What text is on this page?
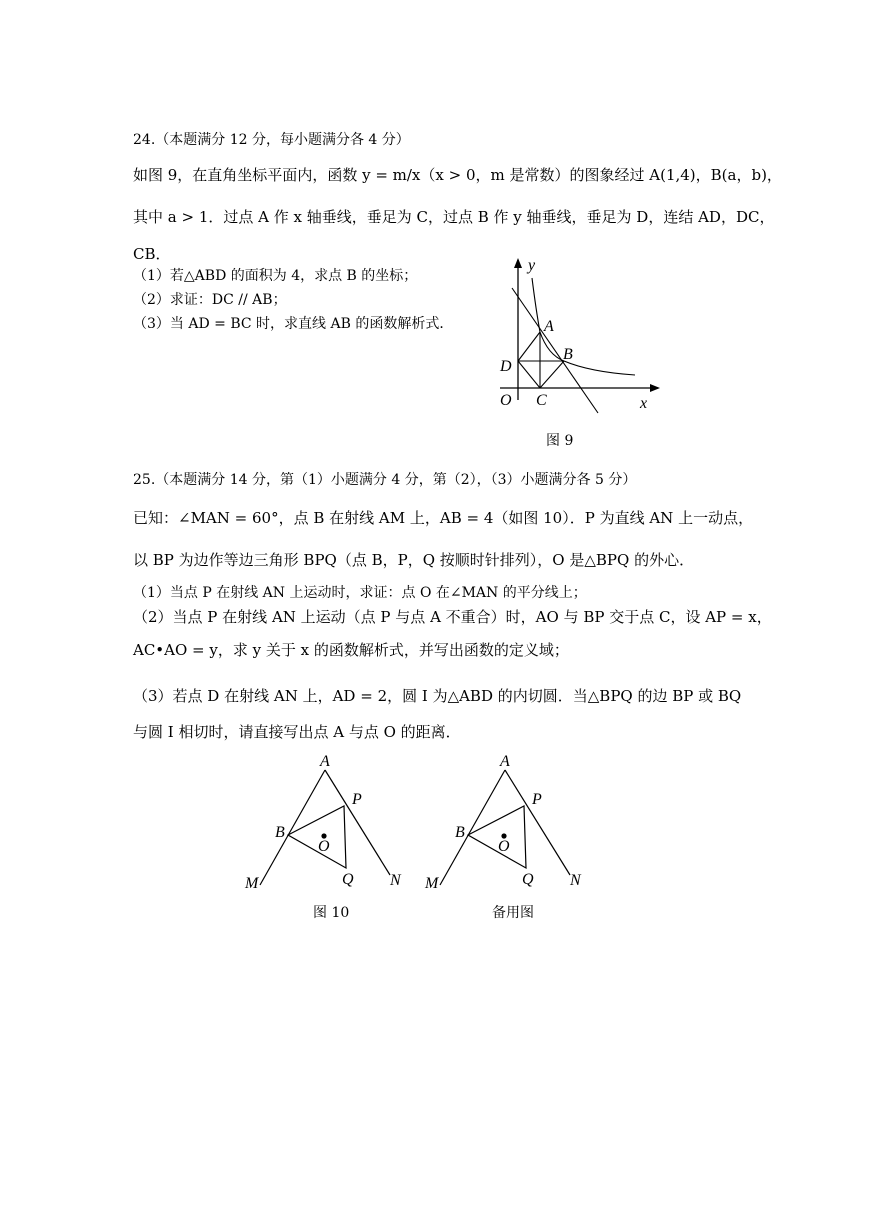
24.（本题满分 12 分，每小题满分各 4 分）
如图 9，在直角坐标平面内，函数 y = m/x（x > 0，m 是常数）的图象经过 A(1,4)，B(a，b)，
其中 a > 1．过点 A 作 x 轴垂线，垂足为 C，过点 B 作 y 轴垂线，垂足为 D，连结 AD，DC，
CB．
（1）若△ABD 的面积为 4，求点 B 的坐标；
（2）求证：DC // AB；
（3）当 AD = BC 时，求直线 AB 的函数解析式．
y
A
B
D
O C	x
图 9
25.（本题满分 14 分，第（1）小题满分 4 分，第（2），（3）小题满分各 5 分）
已知：∠MAN = 60°，点 B 在射线 AM 上，AB = 4（如图 10）．P 为直线 AN 上一动点，
以 BP 为边作等边三角形 BPQ（点 B，P，Q 按顺时针排列），O 是△BPQ 的外心．
（1）当点 P 在射线 AN 上运动时，求证：点 O 在∠MAN 的平分线上；
（2）当点 P 在射线 AN 上运动（点 P 与点 A 不重合）时，AO 与 BP 交于点 C，设 AP = x，
AC•AO = y，求 y 关于 x 的函数解析式，并写出函数的定义域；
（3）若点 D 在射线 AN 上，AD = 2，圆 I 为△ABD 的内切圆．当△BPQ 的边 BP 或 BQ
与圆 I 相切时，请直接写出点 A 与点 O 的距离．
A
P
B
O
M	Q N
图 10
A
P
B
O
M	Q N
备用图
